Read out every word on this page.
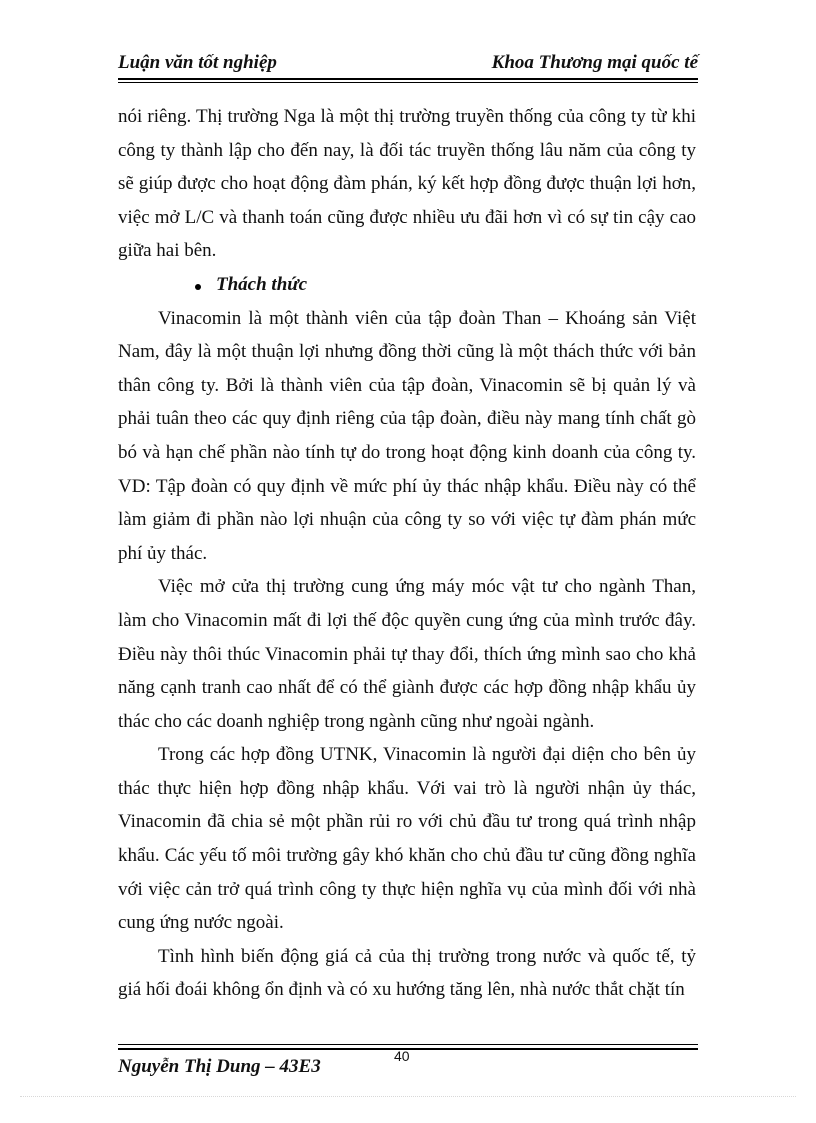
Luận văn tốt nghiệp	Khoa Thương mại quốc tế

nói riêng. Thị trường Nga là một thị trường truyền thống của công ty từ khi công ty thành lập cho đến nay, là đối tác truyền thống lâu năm của công ty sẽ giúp được cho hoạt động đàm phán, ký kết hợp đồng được thuận lợi hơn, việc mở L/C và thanh toán cũng được nhiều ưu đãi hơn vì có sự tin cậy cao giữa hai bên.

Thách thức

Vinacomin là một thành viên của tập đoàn Than – Khoáng sản Việt Nam, đây là một thuận lợi nhưng đồng thời cũng là một thách thức với bản thân công ty. Bởi là thành viên của tập đoàn, Vinacomin sẽ bị quản lý và phải tuân theo các quy định riêng của tập đoàn, điều này mang tính chất gò bó và hạn chế phần nào tính tự do trong hoạt động kinh doanh của công ty. VD: Tập đoàn có quy định về mức phí ủy thác nhập khẩu. Điều này có thể làm giảm đi phần nào lợi nhuận của công ty so với việc tự đàm phán mức phí ủy thác.

Việc mở cửa thị trường cung ứng máy móc vật tư cho ngành Than, làm cho Vinacomin mất đi lợi thế độc quyền cung ứng của mình trước đây. Điều này thôi thúc Vinacomin phải tự thay đổi, thích ứng mình sao cho khả năng cạnh tranh cao nhất để có thể giành được các hợp đồng nhập khẩu ủy thác cho các doanh nghiệp trong ngành cũng như ngoài ngành.

Trong các hợp đồng UTNK, Vinacomin là người đại diện cho bên ủy thác thực hiện hợp đồng nhập khẩu. Với vai trò là người nhận ủy thác, Vinacomin đã chia sẻ một phần rủi ro với chủ đầu tư trong quá trình nhập khẩu. Các yếu tố môi trường gây khó khăn cho chủ đầu tư cũng đồng nghĩa với việc cản trở quá trình công ty thực hiện nghĩa vụ của mình đối với nhà cung ứng nước ngoài.

Tình hình biến động giá cả của thị trường trong nước và quốc tế, tỷ giá hối đoái không ổn định và có xu hướng tăng lên, nhà nước thắt chặt tín

Nguyễn Thị Dung – 43E3	40
